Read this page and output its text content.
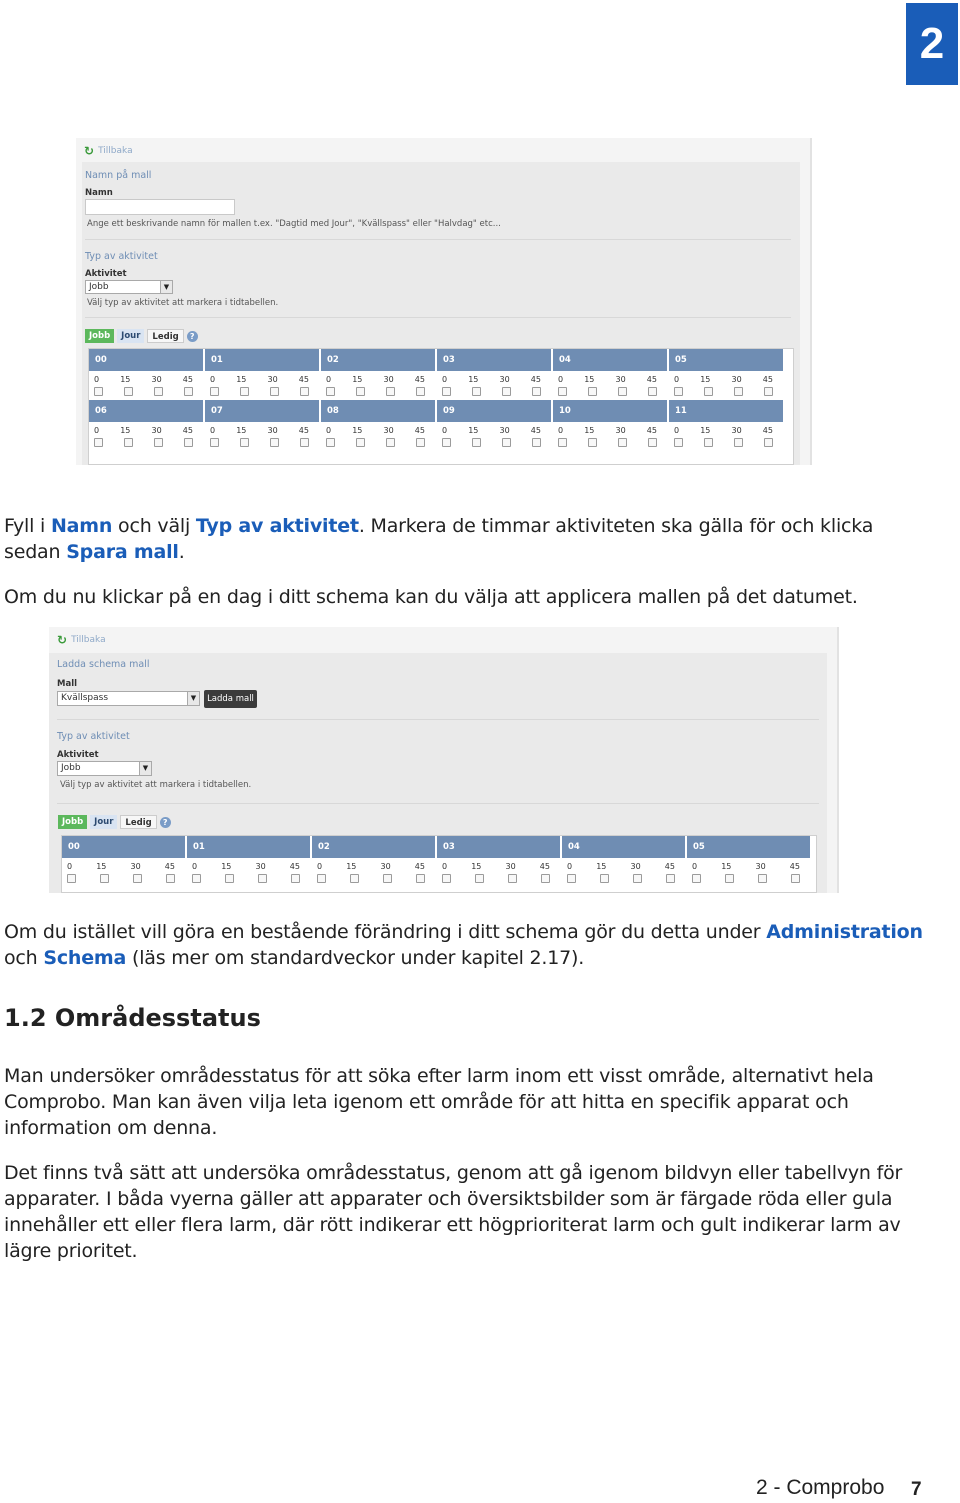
2
↻ Tillbaka
Namn på mall
Namn
Ange ett beskrivande namn för mallen t.ex. "Dagtid med Jour", "Kvällspass" eller "Halvdag" etc...
Typ av aktivitet
Aktivitet
Jobb	▼
Välj typ av aktivitet att markera i tidtabellen.
Jobb	Jour	Ledig	?
00
0	15	30	45
01
0	15	30	45
02
0	15	30	45
03
0	15	30	45
04
0	15	30	45
05
0	15	30	45
06
0	15	30	45
07
0	15	30	45
08
0	15	30	45
09
0	15	30	45
10
0	15	30	45
11
0	15	30	45
Fyll i Namn och välj Typ av aktivitet. Markera de timmar aktiviteten ska gälla för och klicka sedan Spara mall.
Om du nu klickar på en dag i ditt schema kan du välja att applicera mallen på det datumet.
↻ Tillbaka
Ladda schema mall
Mall
Kvällspass	▼	Ladda mall
Typ av aktivitet
Aktivitet
Jobb	▼
Välj typ av aktivitet att markera i tidtabellen.
Jobb	Jour	Ledig	?
00
0	15	30	45
01
0	15	30	45
02
0	15	30	45
03
0	15	30	45
04
0	15	30	45
05
0	15	30	45
Om du istället vill göra en bestående förändring i ditt schema gör du detta under Administration och Schema (läs mer om standardveckor under kapitel 2.17).
1.2 Områdesstatus
Man undersöker områdesstatus för att söka efter larm inom ett visst område, alternativt hela Comprobo. Man kan även vilja leta igenom ett område för att hitta en specifik apparat och information om denna.
Det finns två sätt att undersöka områdesstatus, genom att gå igenom bildvyn eller tabellvyn för apparater. I båda vyerna gäller att apparater och översiktsbilder som är färgade röda eller gula innehåller ett eller flera larm, där rött indikerar ett högprioriterat larm och gult indikerar larm av lägre prioritet.
2 - Comprobo 7
